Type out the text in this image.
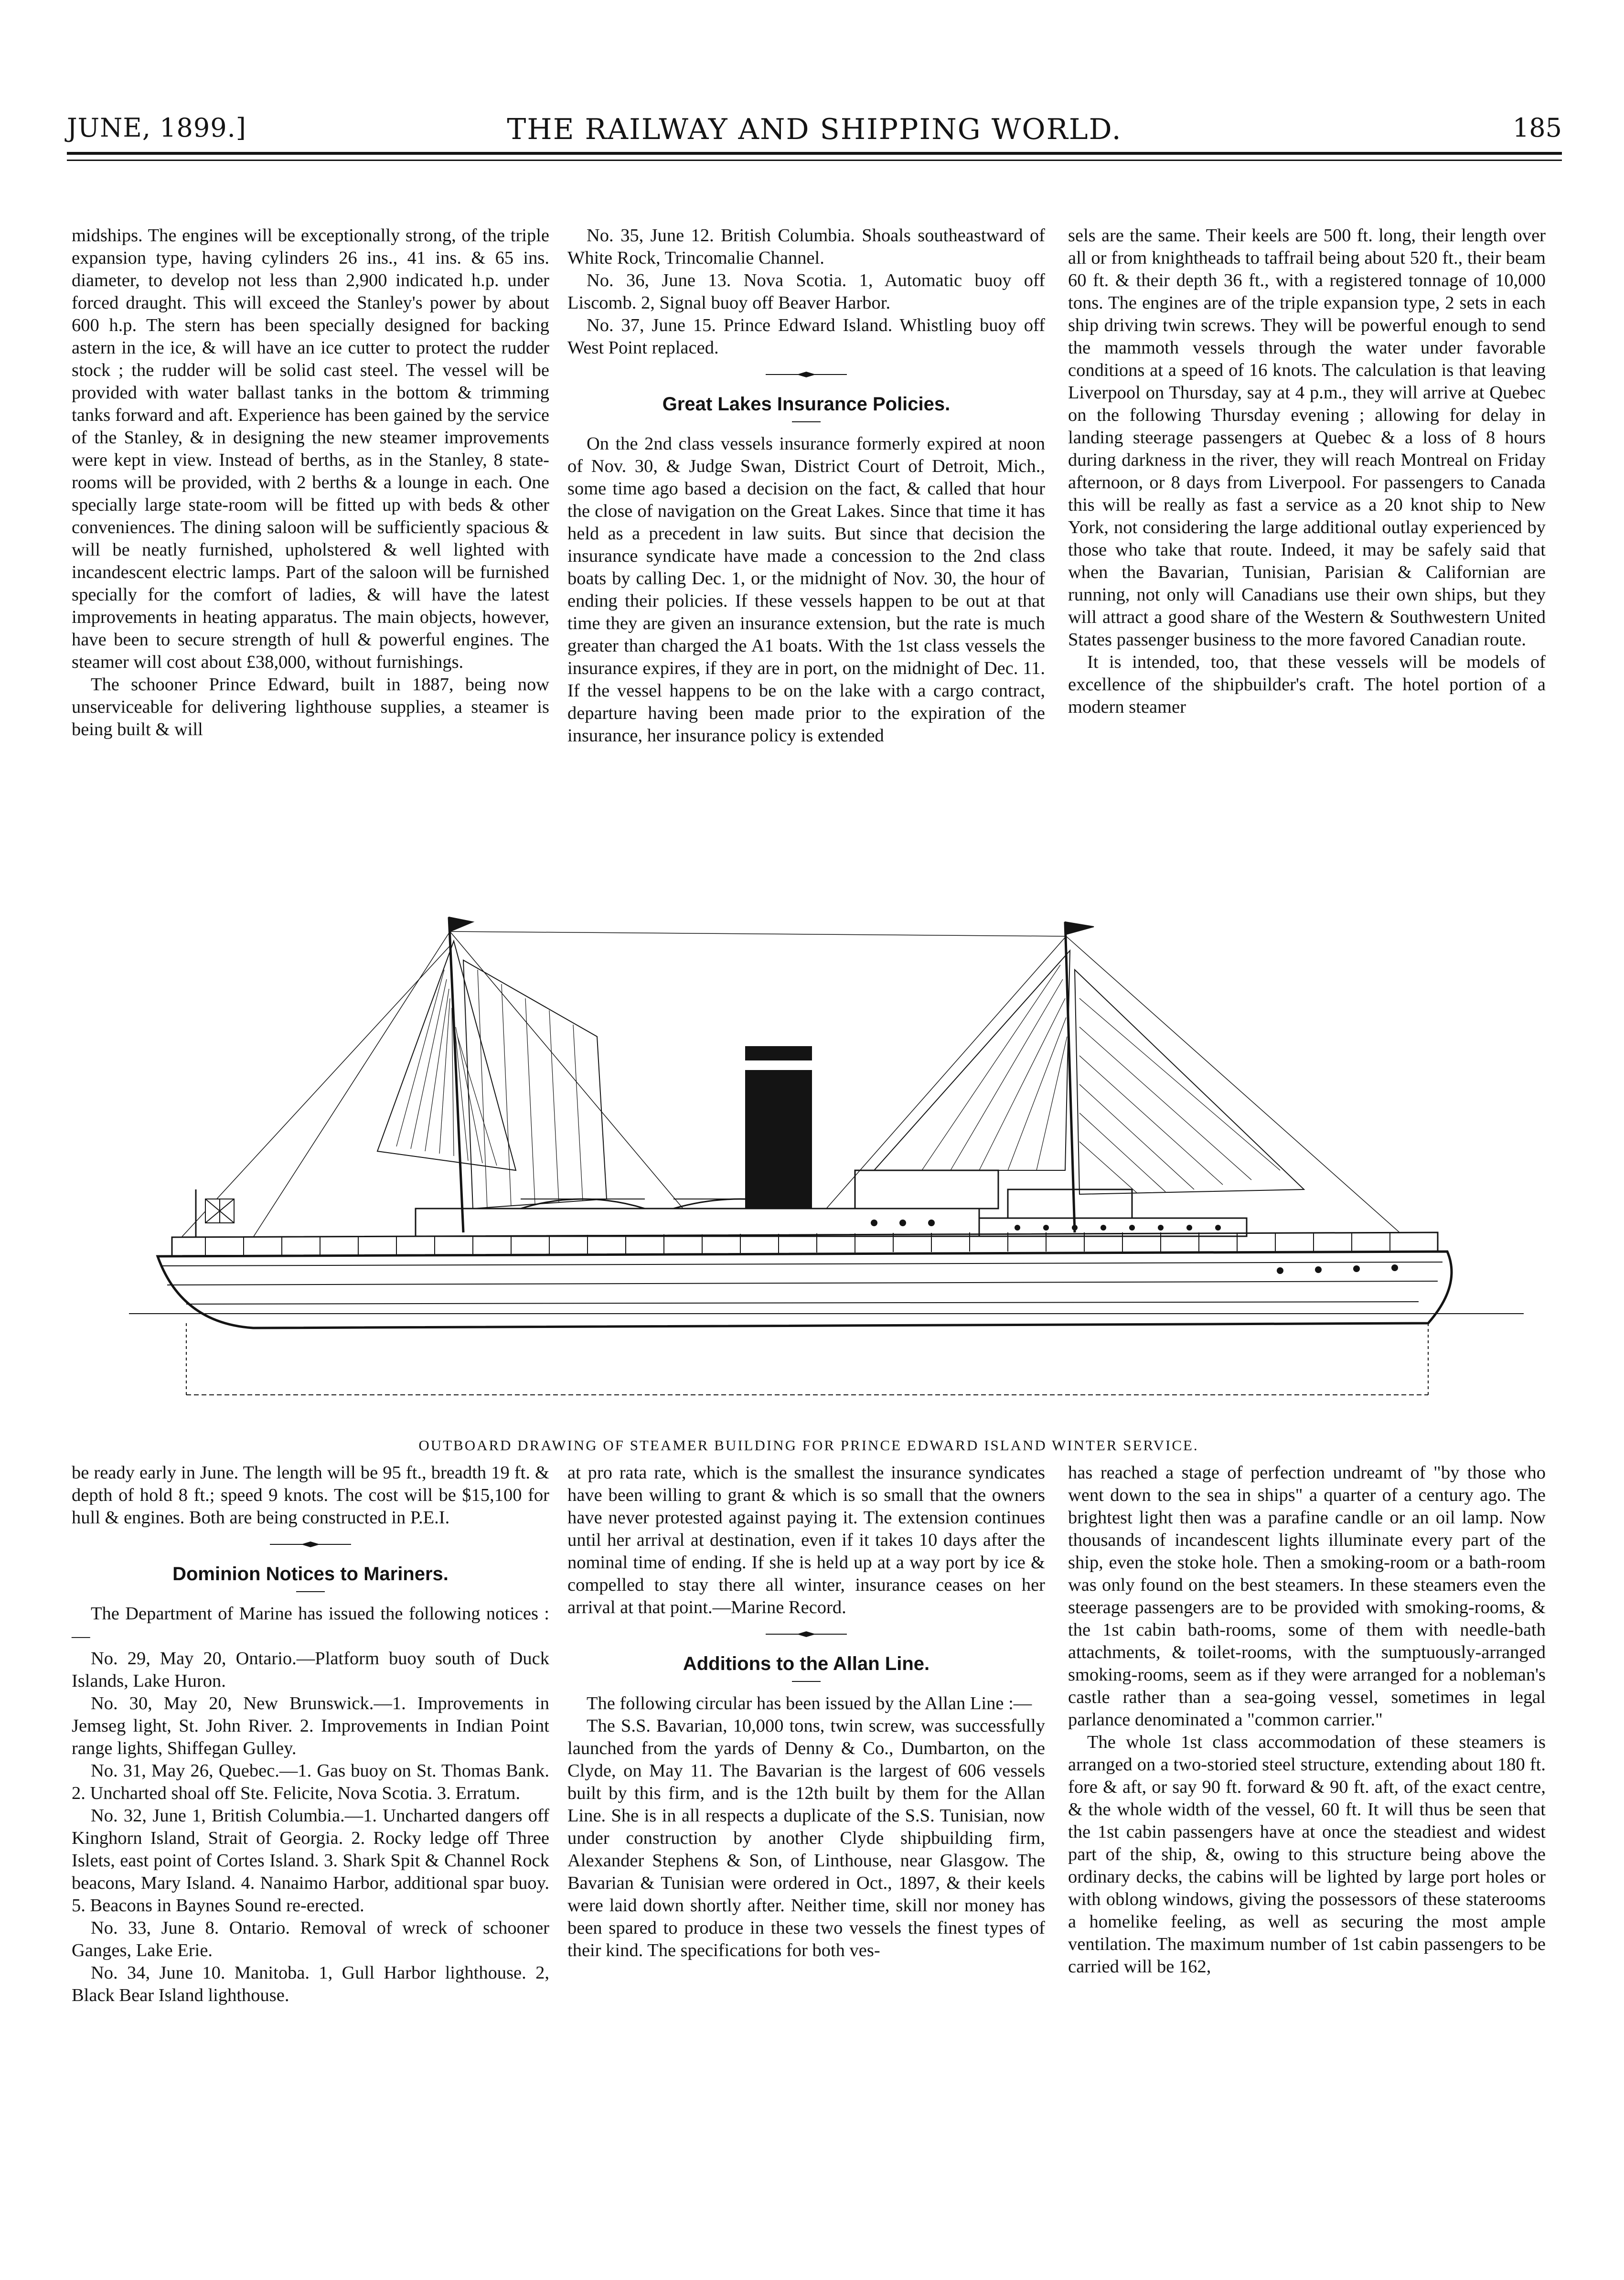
JUNE, 1899.]	THE RAILWAY AND SHIPPING WORLD.	185

midships. The engines will be exceptionally strong, of the triple expansion type, having cylinders 26 ins., 41 ins. & 65 ins. diameter, to develop not less than 2,900 indicated h.p. under forced draught. This will exceed the Stanley's power by about 600 h.p. The stern has been specially designed for backing astern in the ice, & will have an ice cutter to protect the rudder stock ; the rudder will be solid cast steel. The vessel will be provided with water ballast tanks in the bottom & trimming tanks forward and aft. Experience has been gained by the service of the Stanley, & in designing the new steamer improvements were kept in view. Instead of berths, as in the Stanley, 8 state-rooms will be provided, with 2 berths & a lounge in each. One specially large state-room will be fitted up with beds & other conveniences. The dining saloon will be sufficiently spacious & will be neatly furnished, upholstered & well lighted with incandescent electric lamps. Part of the saloon will be furnished specially for the comfort of ladies, & will have the latest improvements in heating apparatus. The main objects, however, have been to secure strength of hull & powerful engines. The steamer will cost about £38,000, without furnishings.

The schooner Prince Edward, built in 1887, being now unserviceable for delivering lighthouse supplies, a steamer is being built & will

No. 35, June 12. British Columbia. Shoals southeastward of White Rock, Trincomalie Channel.

No. 36, June 13. Nova Scotia. 1, Automatic buoy off Liscomb. 2, Signal buoy off Beaver Harbor.

No. 37, June 15. Prince Edward Island. Whistling buoy off West Point replaced.

Great Lakes Insurance Policies.

On the 2nd class vessels insurance formerly expired at noon of Nov. 30, & Judge Swan, District Court of Detroit, Mich., some time ago based a decision on the fact, & called that hour the close of navigation on the Great Lakes. Since that time it has held as a precedent in law suits. But since that decision the insurance syndicate have made a concession to the 2nd class boats by calling Dec. 1, or the midnight of Nov. 30, the hour of ending their policies. If these vessels happen to be out at that time they are given an insurance extension, but the rate is much greater than charged the A1 boats. With the 1st class vessels the insurance expires, if they are in port, on the midnight of Dec. 11. If the vessel happens to be on the lake with a cargo contract, departure having been made prior to the expiration of the insurance, her insurance policy is extended

sels are the same. Their keels are 500 ft. long, their length over all or from knightheads to taffrail being about 520 ft., their beam 60 ft. & their depth 36 ft., with a registered tonnage of 10,000 tons. The engines are of the triple expansion type, 2 sets in each ship driving twin screws. They will be powerful enough to send the mammoth vessels through the water under favorable conditions at a speed of 16 knots. The calculation is that leaving Liverpool on Thursday, say at 4 p.m., they will arrive at Quebec on the following Thursday evening ; allowing for delay in landing steerage passengers at Quebec & a loss of 8 hours during darkness in the river, they will reach Montreal on Friday afternoon, or 8 days from Liverpool. For passengers to Canada this will be really as fast a service as a 20 knot ship to New York, not considering the large additional outlay experienced by those who take that route. Indeed, it may be safely said that when the Bavarian, Tunisian, Parisian & Californian are running, not only will Canadians use their own ships, but they will attract a good share of the Western & Southwestern United States passenger business to the more favored Canadian route.

It is intended, too, that these vessels will be models of excellence of the shipbuilder's craft. The hotel portion of a modern steamer

OUTBOARD DRAWING OF STEAMER BUILDING FOR PRINCE EDWARD ISLAND WINTER SERVICE.

be ready early in June. The length will be 95 ft., breadth 19 ft. & depth of hold 8 ft.; speed 9 knots. The cost will be $15,100 for hull & engines. Both are being constructed in P.E.I.

Dominion Notices to Mariners.

The Department of Marine has issued the following notices :—

No. 29, May 20, Ontario.—Platform buoy south of Duck Islands, Lake Huron.

No. 30, May 20, New Brunswick.—1. Improvements in Jemseg light, St. John River. 2. Improvements in Indian Point range lights, Shiffegan Gulley.

No. 31, May 26, Quebec.—1. Gas buoy on St. Thomas Bank. 2. Uncharted shoal off Ste. Felicite, Nova Scotia. 3. Erratum.

No. 32, June 1, British Columbia.—1. Uncharted dangers off Kinghorn Island, Strait of Georgia. 2. Rocky ledge off Three Islets, east point of Cortes Island. 3. Shark Spit & Channel Rock beacons, Mary Island. 4. Nanaimo Harbor, additional spar buoy. 5. Beacons in Baynes Sound re-erected.

No. 33, June 8. Ontario. Removal of wreck of schooner Ganges, Lake Erie.

No. 34, June 10. Manitoba. 1, Gull Harbor lighthouse. 2, Black Bear Island lighthouse.

at pro rata rate, which is the smallest the insurance syndicates have been willing to grant & which is so small that the owners have never protested against paying it. The extension continues until her arrival at destination, even if it takes 10 days after the nominal time of ending. If she is held up at a way port by ice & compelled to stay there all winter, insurance ceases on her arrival at that point.—Marine Record.

Additions to the Allan Line.

The following circular has been issued by the Allan Line :—

The S.S. Bavarian, 10,000 tons, twin screw, was successfully launched from the yards of Denny & Co., Dumbarton, on the Clyde, on May 11. The Bavarian is the largest of 606 vessels built by this firm, and is the 12th built by them for the Allan Line. She is in all respects a duplicate of the S.S. Tunisian, now under construction by another Clyde shipbuilding firm, Alexander Stephens & Son, of Linthouse, near Glasgow. The Bavarian & Tunisian were ordered in Oct., 1897, & their keels were laid down shortly after. Neither time, skill nor money has been spared to produce in these two vessels the finest types of their kind. The specifications for both ves-

has reached a stage of perfection undreamt of "by those who went down to the sea in ships" a quarter of a century ago. The brightest light then was a parafine candle or an oil lamp. Now thousands of incandescent lights illuminate every part of the ship, even the stoke hole. Then a smoking-room or a bath-room was only found on the best steamers. In these steamers even the steerage passengers are to be provided with smoking-rooms, & the 1st cabin bath-rooms, some of them with needle-bath attachments, & toilet-rooms, with the sumptuously-arranged smoking-rooms, seem as if they were arranged for a nobleman's castle rather than a sea-going vessel, sometimes in legal parlance denominated a "common carrier."

The whole 1st class accommodation of these steamers is arranged on a two-storied steel structure, extending about 180 ft. fore & aft, or say 90 ft. forward & 90 ft. aft, of the exact centre, & the whole width of the vessel, 60 ft. It will thus be seen that the 1st cabin passengers have at once the steadiest and widest part of the ship, &, owing to this structure being above the ordinary decks, the cabins will be lighted by large port holes or with oblong windows, giving the possessors of these staterooms a homelike feeling, as well as securing the most ample ventilation. The maximum number of 1st cabin passengers to be carried will be 162,
